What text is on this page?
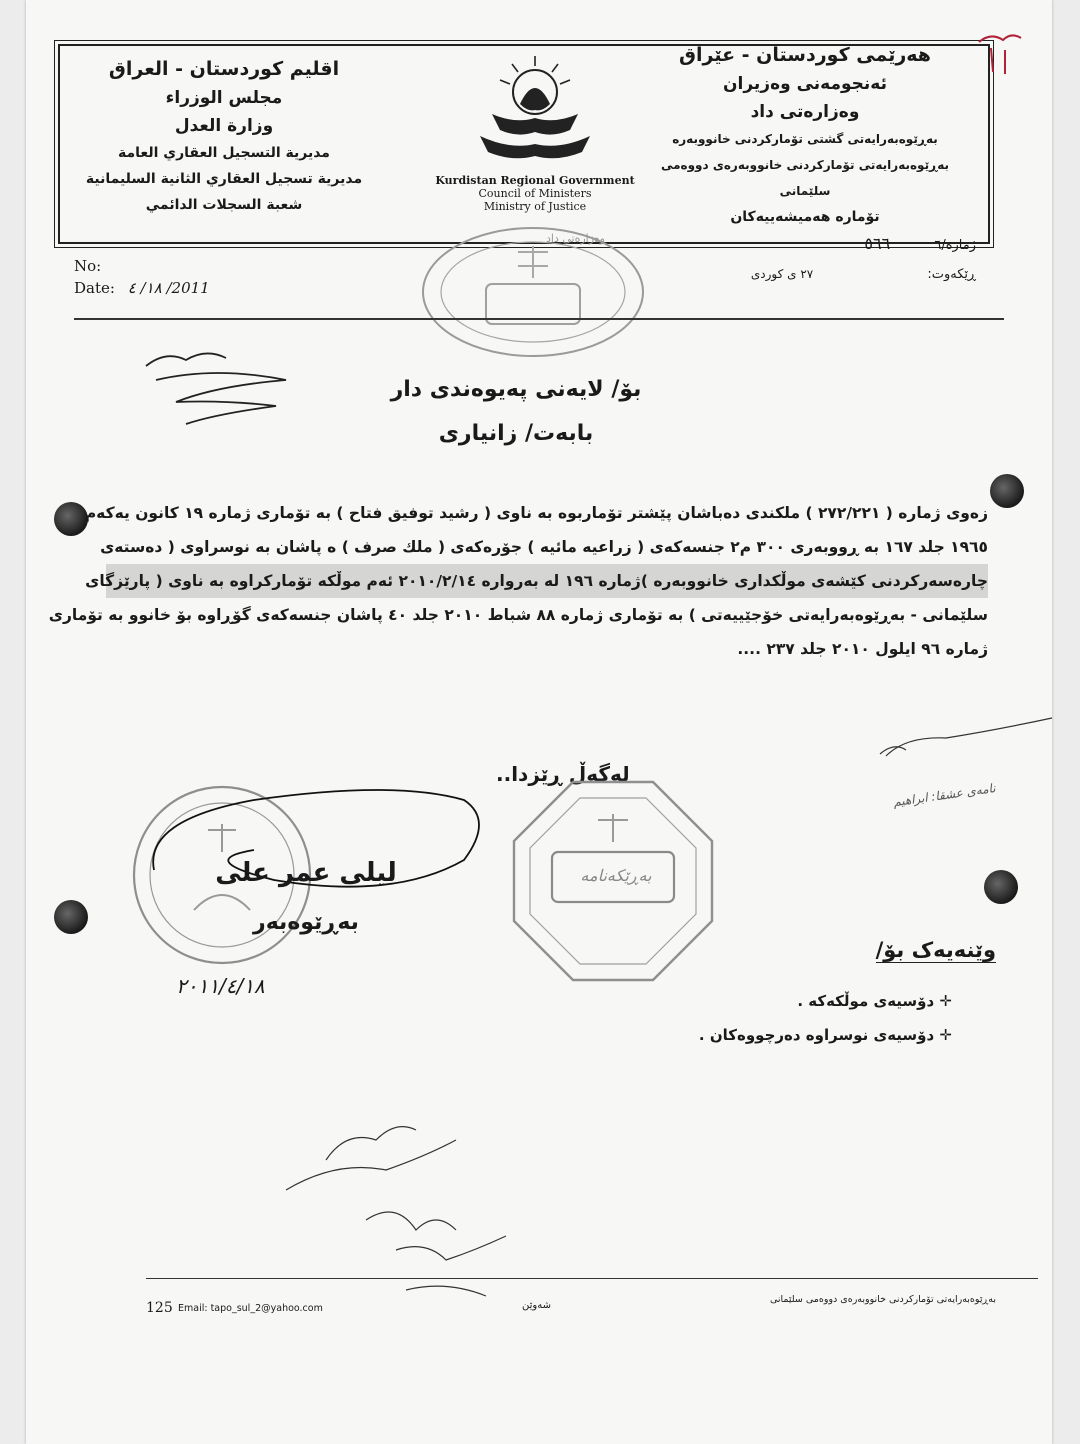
هەرێمی کوردستان - عێراق
ئەنجومەنی وەزیران
وەزارەتی داد
بەڕێوەبەرایەتی گشتی تۆمارکردنی خانووبەرە
بەڕێوەبەرایەتی تۆمارکردنی خانووبەرەی دووەمی سلێمانی
تۆمارە هەمیشەییەکان
اقليم كوردستان - العراق
مجلس الوزراء
وزارة العدل
مديرية التسجيل العقاري العامة
مديرية تسجيل العقاري الثانية السليمانية
شعبة السجلات الدائمي
Kurdistan Regional Government
Council of Ministers
Ministry of Justice
No:
Date: ١٨/ ٤ /2011
ژمارە/٦ ٥٦٦
ڕێکەوت: ٢٧ ی کوردی
وەزارەتی داد
بۆ/ لایەنی پەیوەندی دار
بابەت/ زانیاری
زەوی ژمارە ( ٢٧٢/٢٢١ ) ملکندی دەباشان پێشتر تۆماربوە بە ناوی ( رشید توفیق فتاح ) بە تۆماری ژمارە ١٩ کانون یەکەم
١٩٦٥ جلد ١٦٧ بە ڕووبەری ٣٠٠ م٢ جنسەکەی ( زراعیه مائیه ) جۆرەکەی ( ملك صرف ) ە پاشان بە نوسراوی ( دەستەی
چارەسەرکردنی کێشەی موڵکداری خانووبەرە )ژمارە ١٩٦ لە بەرواره ٢٠١٠/٢/١٤ ئەم موڵکه تۆمارکراوە بە ناوی ( پارێزگای
سلێمانی - بەڕێوەبەرایەتی خۆجێییەتی ) بە تۆماری ژمارە ٨٨ شباط ٢٠١٠ جلد ٤٠ پاشان جنسەکەی گۆڕاوە بۆ خانوو بە تۆماری
ژمارە ٩٦ ایلول ٢٠١٠ جلد ٢٣٧ ....
نامەی عشقا: ابراهیم
لەگەڵ ڕێزدا..
لیلی عمر علی
بەڕێوەبەر
٢٠١١/٤/١٨
بەڕێکەنامە
وێنەیەک بۆ/
✛ دۆسیەی موڵکەکە .
✛ دۆسیەی نوسراوە دەرچووەکان .
125 Email: tapo_sul_2@yahoo.com	شەوێن
بەڕێوەبەرایەتی تۆمارکردنی خانووبەرەی دووەمی سلێمانی
